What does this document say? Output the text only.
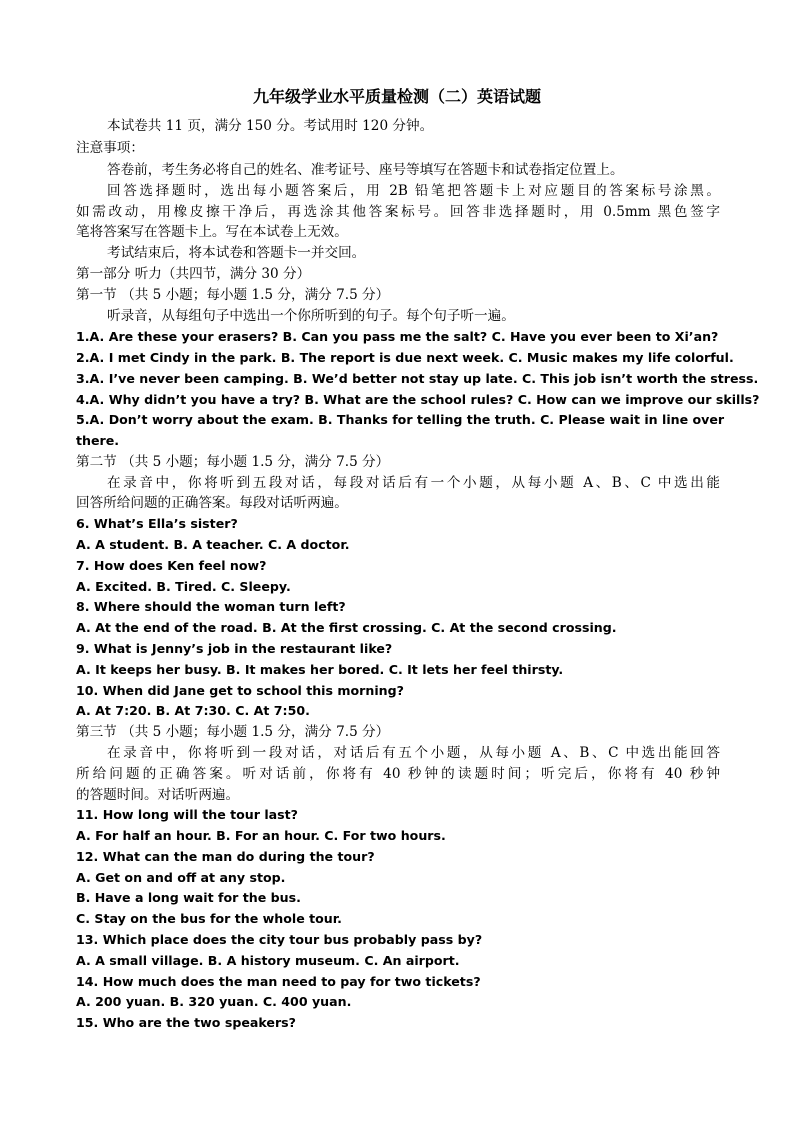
九年级学业水平质量检测（二）英语试题
本试卷共 11 页，满分 150 分。考试用时 120 分钟。
注意事项：
答卷前，考生务必将自己的姓名、准考证号、座号等填写在答题卡和试卷指定位置上。
回答选择题时，选出每小题答案后，用 2B 铅笔把答题卡上对应题目的答案标号涂黑。
如需改动，用橡皮擦干净后，再选涂其他答案标号。回答非选择题时，用 0.5mm 黑色签字
笔将答案写在答题卡上。写在本试卷上无效。
考试结束后，将本试卷和答题卡一并交回。
第一部分 听力（共四节，满分 30 分）
第一节 （共 5 小题；每小题 1.5 分，满分 7.5 分）
听录音，从每组句子中选出一个你所听到的句子。每个句子听一遍。
1.A. Are these your erasers? B. Can you pass me the salt? C. Have you ever been to Xi’an?
2.A. I met Cindy in the park. B. The report is due next week. C. Music makes my life colorful.
3.A. I’ve never been camping. B. We’d better not stay up late. C. This job isn’t worth the stress.
4.A. Why didn’t you have a try? B. What are the school rules? C. How can we improve our skills?
5.A. Don’t worry about the exam. B. Thanks for telling the truth. C. Please wait in line over
there.
第二节 （共 5 小题；每小题 1.5 分，满分 7.5 分）
在录音中，你将听到五段对话，每段对话后有一个小题，从每小题 A、B、C 中选出能
回答所给问题的正确答案。每段对话听两遍。
6. What’s Ella’s sister?
A. A student. B. A teacher. C. A doctor.
7. How does Ken feel now?
A. Excited. B. Tired. C. Sleepy.
8. Where should the woman turn left?
A. At the end of the road. B. At the first crossing. C. At the second crossing.
9. What is Jenny’s job in the restaurant like?
A. It keeps her busy. B. It makes her bored. C. It lets her feel thirsty.
10. When did Jane get to school this morning?
A. At 7:20. B. At 7:30. C. At 7:50.
第三节 （共 5 小题；每小题 1.5 分，满分 7.5 分）
在录音中，你将听到一段对话，对话后有五个小题，从每小题 A、B、C 中选出能回答
所给问题的正确答案。听对话前，你将有 40 秒钟的读题时间；听完后，你将有 40 秒钟
的答题时间。对话听两遍。
11. How long will the tour last?
A. For half an hour. B. For an hour. C. For two hours.
12. What can the man do during the tour?
A. Get on and off at any stop.
B. Have a long wait for the bus.
C. Stay on the bus for the whole tour.
13. Which place does the city tour bus probably pass by?
A. A small village. B. A history museum. C. An airport.
14. How much does the man need to pay for two tickets?
A. 200 yuan. B. 320 yuan. C. 400 yuan.
15. Who are the two speakers?
